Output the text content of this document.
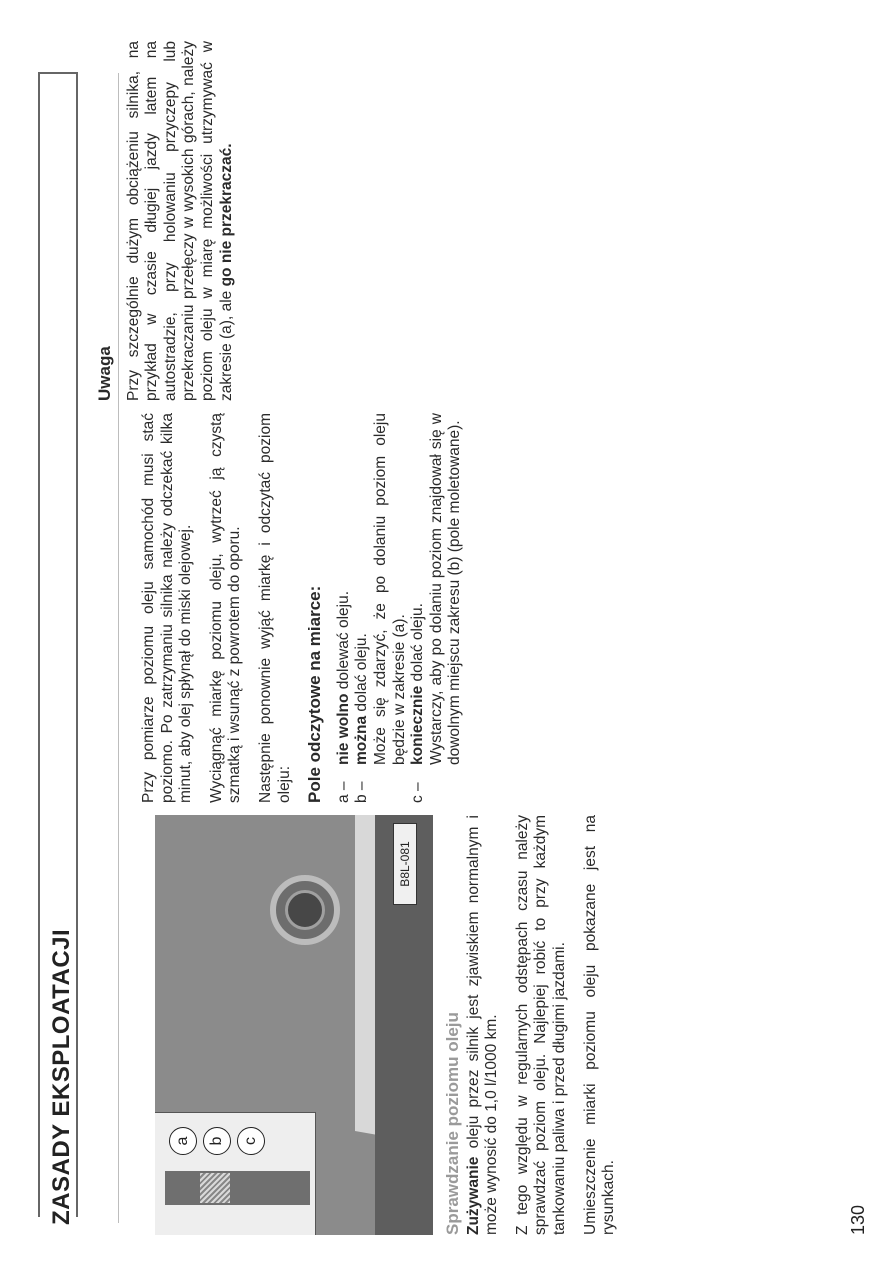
ZASADY EKSPLOATACJI
B8L-081
a	b	c	Sprawdzanie poziomu oleju Zużywanie oleju przez silnik jest zjawiskiem normalnym i może wynosić do 1,0 l/1000 km. Z tego względu w regularnych odstępach czasu należy sprawdzać poziom oleju. Najlepiej robić to przy każdym tankowaniu paliwa i przed długimi jazdami. Umieszczenie miarki poziomu oleju pokazane jest na rysunkach.

Przy pomiarze poziomu oleju samochód musi stać poziomo. Po zatrzymaniu silnika należy odczekać kilka minut, aby olej spłynął do miski olejowej. Wyciągnąć miarkę poziomu oleju, wytrzeć ją czystą szmatką i wsunąć z powrotem do oporu. Następnie ponownie wyjąć miarkę i odczytać poziom oleju: Pole odczytowe na miarce: a –
nie wolno dolewać oleju.
b –
można dolać oleju. Może się zdarzyć, że po dolaniu poziom oleju będzie w zakresie (a).
c –
koniecznie dolać oleju. Wystarczy, aby po dolaniu poziom znajdował się w dowolnym miejscu zakresu (b) (pole moletowane).
Uwaga Przy szczególnie dużym obciążeniu silnika, na przykład w czasie długiej jazdy latem na autostradzie, przy holowaniu przyczepy lub przekraczaniu przełęczy w wysokich górach, należy poziom oleju w miarę możliwości utrzymywać w zakresie (a), ale go nie przekraczać.

130
